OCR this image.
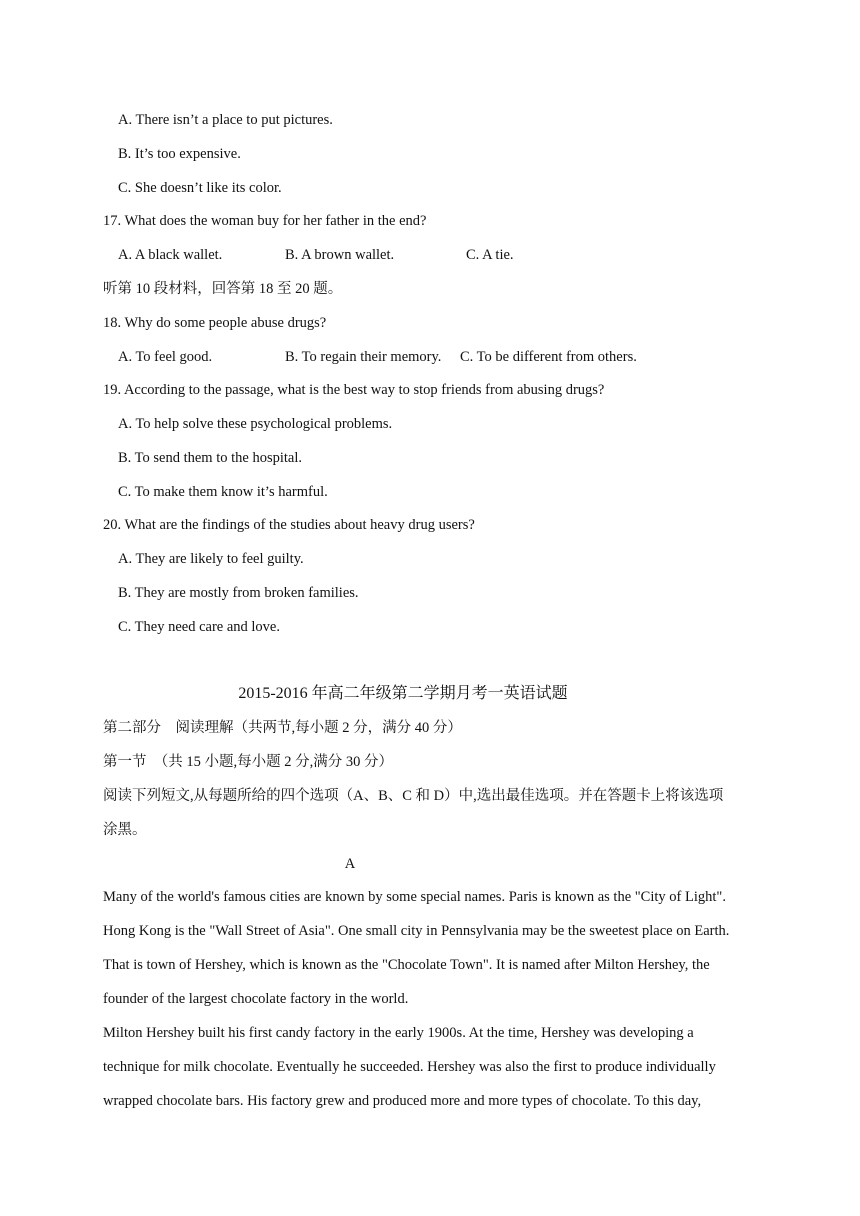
A. There isn’t a place to put pictures.
B. It’s too expensive.
C. She doesn’t like its color.
17. What does the woman buy for her father in the end?
A. A black wallet.	B. A brown wallet.	C. A tie.
听第 10 段材料，回答第 18 至 20 题。
18. Why do some people abuse drugs?
A. To feel good.	B. To regain their memory. C. To be different from others.
19. According to the passage, what is the best way to stop friends from abusing drugs?
A. To help solve these psychological problems.
B. To send them to the hospital.
C. To make them know it’s harmful.
20. What are the findings of the studies about heavy drug users?
A. They are likely to feel guilty.
B. They are mostly from broken families.
C. They need care and love.
2015-2016 年高二年级第二学期月考一英语试题
第二部分　阅读理解（共两节,每小题 2 分，满分 40 分）
第一节　（共 15 小题,每小题 2 分,满分 30 分）
阅读下列短文,从每题所给的四个选项（A、B、C 和 D）中,选出最佳选项。并在答题卡上将该选项
涂黑。
A
Many of the world's famous cities are known by some special names. Paris is known as the "City of Light".
Hong Kong is the "Wall Street of Asia". One small city in Pennsylvania may be the sweetest place on Earth.
That is town of Hershey, which is known as the "Chocolate Town". It is named after Milton Hershey, the
founder of the largest chocolate factory in the world.
Milton Hershey built his first candy factory in the early 1900s. At the time, Hershey was developing a
technique for milk chocolate. Eventually he succeeded. Hershey was also the first to produce individually
wrapped chocolate bars. His factory grew and produced more and more types of chocolate. To this day,
